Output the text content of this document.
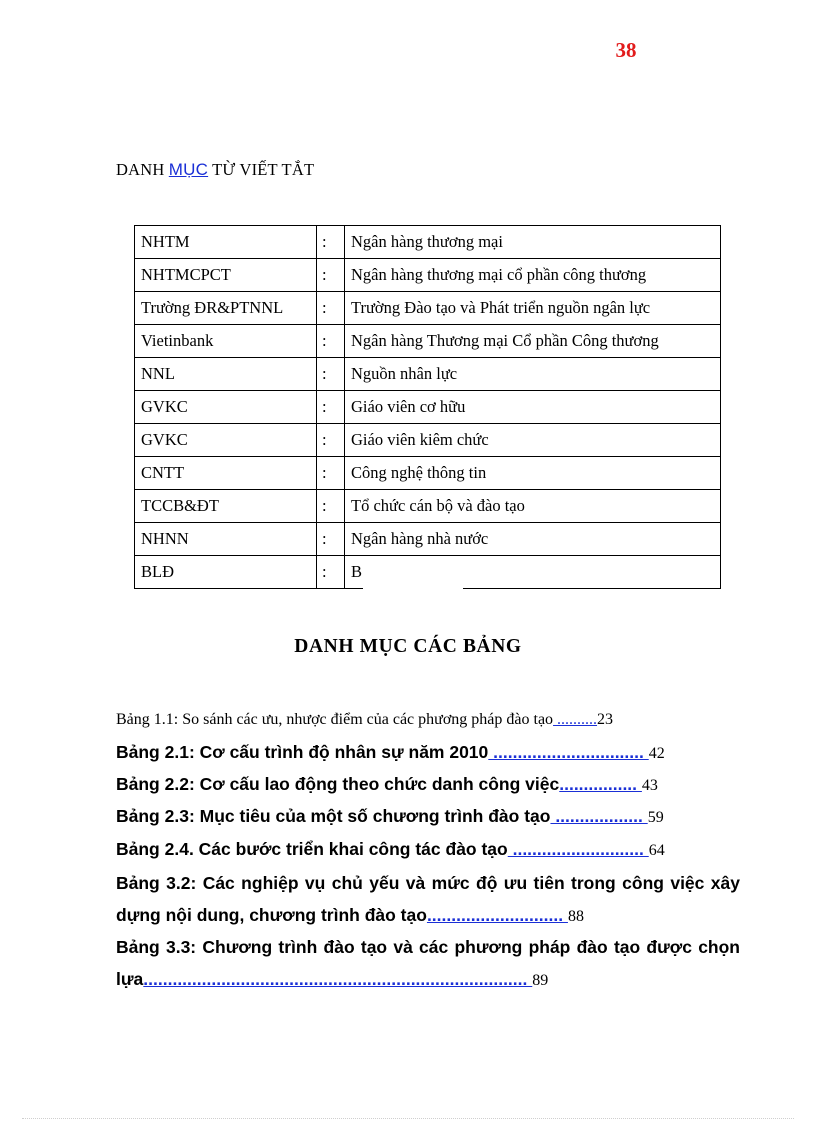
38
DANH MỤC TỪ VIẾT TẮT
NHTM	:	Ngân hàng thương mại
NHTMCPCT	:	Ngân hàng thương mại cổ phần công thương
Trường ĐR&PTNNL	:	Trường Đào tạo và Phát triển nguồn ngân lực
Vietinbank	:	Ngân hàng Thương mại Cổ phần Công thương
NNL	:	Nguồn nhân lực
GVKC	:	Giáo viên cơ hữu
GVKC	:	Giáo viên kiêm chức
CNTT	:	Công nghệ thông tin
TCCB&ĐT	:	Tổ chức cán bộ và đào tạo
NHNN	:	Ngân hàng nhà nước
BLĐ	:	B
DANH MỤC CÁC BẢNG
Bảng 1.1: So sánh các ưu, nhược điểm của các phương pháp đào tạo ..........23
Bảng 2.1: Cơ cấu trình độ nhân sự năm 2010 ............................... 42
Bảng 2.2: Cơ cấu lao động theo chức danh công việc................ 43
Bảng 2.3: Mục tiêu của một số chương trình đào tạo .................. 59
Bảng 2.4. Các bước triển khai công tác đào tạo ........................... 64
Bảng 3.2: Các nghiệp vụ chủ yếu và mức độ ưu tiên trong công việc xây dựng nội dung, chương trình đào tạo............................ 88
Bảng 3.3: Chương trình đào tạo và các phương pháp đào tạo được chọn lựa............................................................................... 89
